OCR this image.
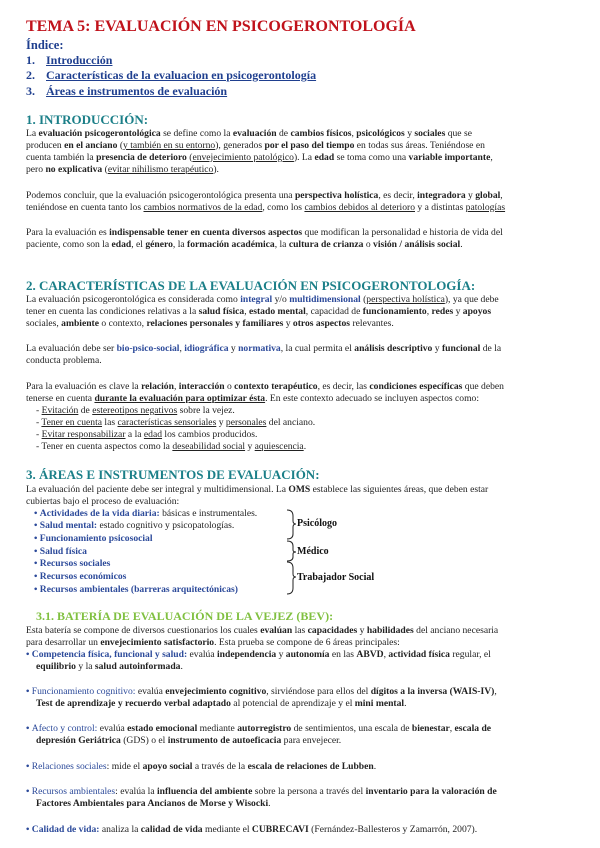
TEMA 5: EVALUACIÓN EN PSICOGERONTOLOGÍA
Índice:
1. Introducción
2. Características de la evaluacion en psicogerontología
3. Áreas e instrumentos de evaluación
1. INTRODUCCIÓN:
La evaluación psicogerontológica se define como la evaluación de cambios físicos, psicológicos y sociales que se
producen en el anciano (y también en su entorno), generados por el paso del tiempo en todas sus áreas. Teniéndose en
cuenta también la presencia de deterioro (envejecimiento patológico). La edad se toma como una variable importante,
pero no explicativa (evitar nihilismo terapéutico).
Podemos concluir, que la evaluación psicogerontológica presenta una perspectiva holística, es decir, integradora y global,
teniéndose en cuenta tanto los cambios normativos de la edad, como los cambios debidos al deterioro y a distintas patologías
Para la evaluación es indispensable tener en cuenta diversos aspectos que modifican la personalidad e historia de vida del
paciente, como son la edad, el género, la formación académica, la cultura de crianza o visión / análisis social.
2. CARACTERÍSTICAS DE LA EVALUACIÓN EN PSICOGERONTOLOGÍA:
La evaluación psicogerontológica es considerada como integral y/o multidimensional (perspectiva holística), ya que debe
tener en cuenta las condiciones relativas a la salud física, estado mental, capacidad de funcionamiento, redes y apoyos
sociales, ambiente o contexto, relaciones personales y familiares y otros aspectos relevantes.
La evaluación debe ser bio-psico-social, idiográfica y normativa, la cual permita el análisis descriptivo y funcional de la
conducta problema.
Para la evaluación es clave la relación, interacción o contexto terapéutico, es decir, las condiciones específicas que deben
tenerse en cuenta durante la evaluación para optimizar ésta. En este contexto adecuado se incluyen aspectos como:
- Evitación de estereotipos negativos sobre la vejez.
- Tener en cuenta las características sensoriales y personales del anciano.
- Evitar responsabilizar a la edad los cambios producidos.
- Tener en cuenta aspectos como la deseabilidad social y aquiescencia.
3. ÁREAS E INSTRUMENTOS DE EVALUACIÓN:
La evaluación del paciente debe ser integral y multidimensional. La OMS establece las siguientes áreas, que deben estar
cubiertas bajo el proceso de evaluación:
• Actividades de la vida diaria: básicas e instrumentales.
• Salud mental: estado cognitivo y psicopatologías.
• Funcionamiento psicosocial
• Salud física
• Recursos sociales
• Recursos económicos
• Recursos ambientales (barreras arquitectónicas)
Psicólogo
Médico
Trabajador Social
3.1. BATERÍA DE EVALUACIÓN DE LA VEJEZ (BEV):
Esta batería se compone de diversos cuestionarios los cuales evalúan las capacidades y habilidades del anciano necesaria
para desarrollar un envejecimiento satisfactorio. Esta prueba se compone de 6 áreas principales:
• Competencia física, funcional y salud: evalúa independencia y autonomía en las ABVD, actividad física regular, el
equilibrio y la salud autoinformada.
• Funcionamiento cognitivo: evalúa envejecimiento cognitivo, sirviéndose para ellos del dígitos a la inversa (WAIS-IV),
Test de aprendizaje y recuerdo verbal adaptado al potencial de aprendizaje y el mini mental.
• Afecto y control: evalúa estado emocional mediante autorregistro de sentimientos, una escala de bienestar, escala de
depresión Geriátrica (GDS) o el instrumento de autoeficacia para envejecer.
• Relaciones sociales: mide el apoyo social a través de la escala de relaciones de Lubben.
• Recursos ambientales: evalúa la influencia del ambiente sobre la persona a través del inventario para la valoración de
Factores Ambientales para Ancianos de Morse y Wisocki.
• Calidad de vida: analiza la calidad de vida mediante el CUBRECAVI (Fernández-Ballesteros y Zamarrón, 2007).
